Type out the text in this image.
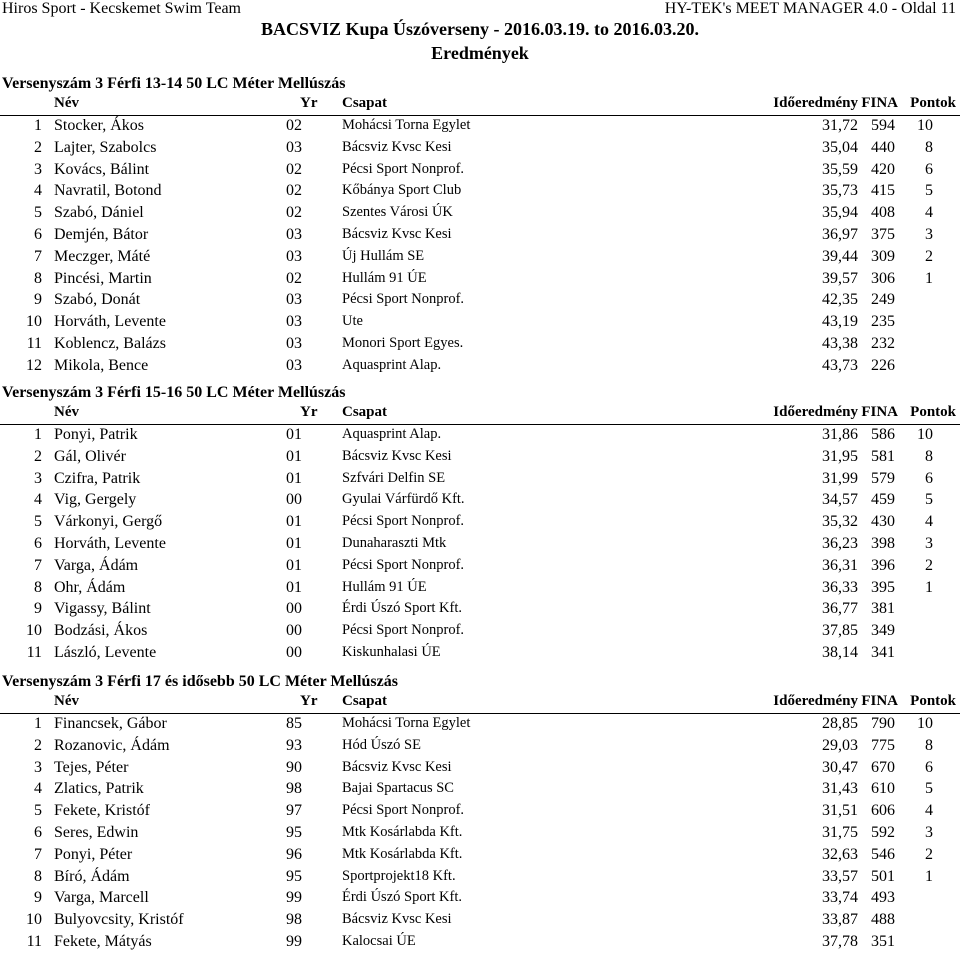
Hiros Sport - Kecskemet Swim Team	HY-TEK's MEET MANAGER 4.0 - Oldal 11
BACSVIZ Kupa Úszóverseny - 2016.03.19. to 2016.03.20.
Eredmények
Versenyszám 3 Férfi 13-14 50 LC Méter Mellúszás
Név	Yr Csapat	Időeredmény FINA Pontok
1 Stocker, Ákos	02	Mohácsi Torna Egylet	31,72 594 10
2 Lajter, Szabolcs	03	Bácsviz Kvsc Kesi	35,04 440 8
3 Kovács, Bálint	02	Pécsi Sport Nonprof.	35,59 420 6
4 Navratil, Botond	02	Kőbánya Sport Club	35,73 415 5
5 Szabó, Dániel	02	Szentes Városi ÚK	35,94 408 4
6 Demjén, Bátor	03	Bácsviz Kvsc Kesi	36,97 375 3
7 Meczger, Máté	03	Új Hullám SE	39,44 309 2
8 Pincési, Martin	02	Hullám 91 ÚE	39,57 306 1
9 Szabó, Donát	03	Pécsi Sport Nonprof.	42,35 249
10 Horváth, Levente	03	Ute	43,19 235
11 Koblencz, Balázs	03	Monori Sport Egyes.	43,38 232
12 Mikola, Bence	03	Aquasprint Alap.	43,73 226
Versenyszám 3 Férfi 15-16 50 LC Méter Mellúszás
Név	Yr Csapat	Időeredmény FINA Pontok
1 Ponyi, Patrik	01	Aquasprint Alap.	31,86 586 10
2 Gál, Olivér	01	Bácsviz Kvsc Kesi	31,95 581 8
3 Czifra, Patrik	01	Szfvári Delfin SE	31,99 579 6
4 Vig, Gergely	00	Gyulai Várfürdő Kft.	34,57 459 5
5 Várkonyi, Gergő	01	Pécsi Sport Nonprof.	35,32 430 4
6 Horváth, Levente	01	Dunaharaszti Mtk	36,23 398 3
7 Varga, Ádám	01	Pécsi Sport Nonprof.	36,31 396 2
8 Ohr, Ádám	01	Hullám 91 ÚE	36,33 395 1
9 Vigassy, Bálint	00	Érdi Úszó Sport Kft.	36,77 381
10 Bodzási, Ákos	00	Pécsi Sport Nonprof.	37,85 349
11 László, Levente	00	Kiskunhalasi ÚE	38,14 341
Versenyszám 3 Férfi 17 és idősebb 50 LC Méter Mellúszás
Név	Yr Csapat	Időeredmény FINA Pontok
1 Financsek, Gábor	85	Mohácsi Torna Egylet	28,85 790 10
2 Rozanovic, Ádám	93	Hód Úszó SE	29,03 775 8
3 Tejes, Péter	90	Bácsviz Kvsc Kesi	30,47 670 6
4 Zlatics, Patrik	98	Bajai Spartacus SC	31,43 610 5
5 Fekete, Kristóf	97	Pécsi Sport Nonprof.	31,51 606 4
6 Seres, Edwin	95	Mtk Kosárlabda Kft.	31,75 592 3
7 Ponyi, Péter	96	Mtk Kosárlabda Kft.	32,63 546 2
8 Bíró, Ádám	95	Sportprojekt18 Kft.	33,57 501 1
9 Varga, Marcell	99	Érdi Úszó Sport Kft.	33,74 493
10 Bulyovcsity, Kristóf	98	Bácsviz Kvsc Kesi	33,87 488
11 Fekete, Mátyás	99	Kalocsai ÚE	37,78 351
